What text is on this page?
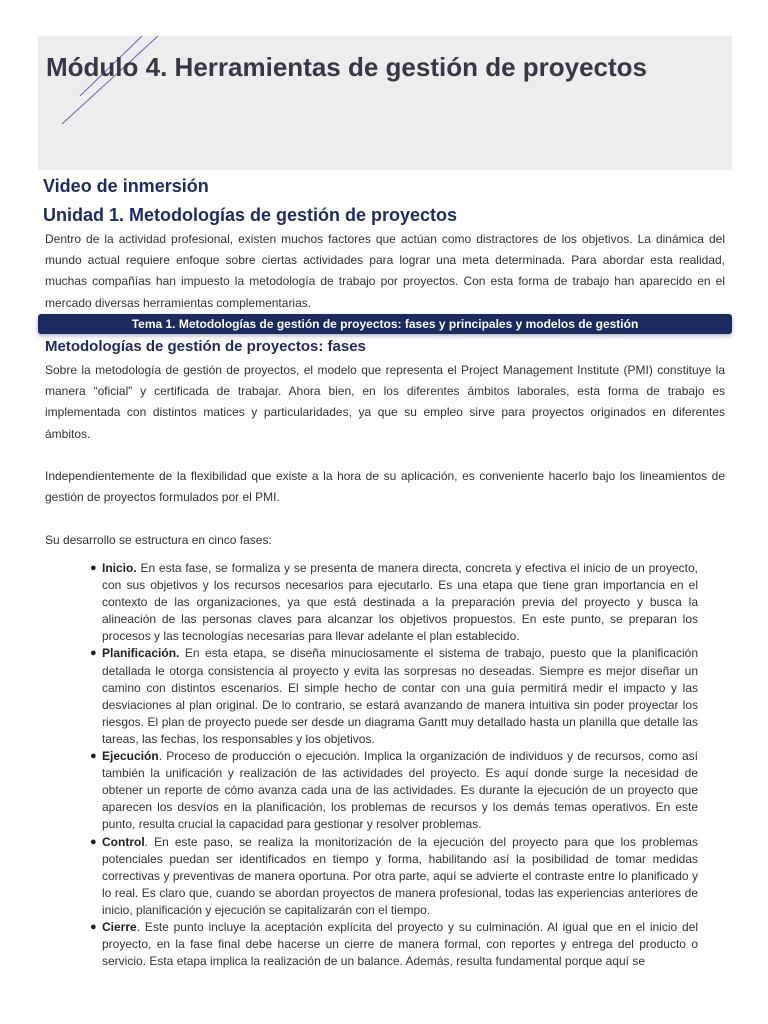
Módulo 4. Herramientas de gestión de proyectos
Video de inmersión
Unidad 1. Metodologías de gestión de proyectos

Dentro de la actividad profesional, existen muchos factores que actúan como distractores de los objetivos. La dinámica del mundo actual requiere enfoque sobre ciertas actividades para lograr una meta determinada. Para abordar esta realidad, muchas compañías han impuesto la metodología de trabajo por proyectos. Con esta forma de trabajo han aparecido en el mercado diversas herramientas complementarias.

Tema 1. Metodologías de gestión de proyectos: fases y principales y modelos de gestión
Metodologías de gestión de proyectos: fases

Sobre la metodología de gestión de proyectos, el modelo que representa el Project Management Institute (PMI) constituye la manera “oficial” y certificada de trabajar. Ahora bien, en los diferentes ámbitos laborales, esta forma de trabajo es implementada con distintos matices y particularidades, ya que su empleo sirve para proyectos originados en diferentes ámbitos.

Independientemente de la flexibilidad que existe a la hora de su aplicación, es conveniente hacerlo bajo los lineamientos de gestión de proyectos formulados por el PMI.

Su desarrollo se estructura en cinco fases:

● Inicio. En esta fase, se formaliza y se presenta de manera directa, concreta y efectiva el inicio de un proyecto, con sus objetivos y los recursos necesarios para ejecutarlo. Es una etapa que tiene gran importancia en el contexto de las organizaciones, ya que está destinada a la preparación previa del proyecto y busca la alineación de las personas claves para alcanzar los objetivos propuestos. En este punto, se preparan los procesos y las tecnologías necesarias para llevar adelante el plan establecido.
● Planificación. En esta etapa, se diseña minuciosamente el sistema de trabajo, puesto que la planificación detallada le otorga consistencia al proyecto y evita las sorpresas no deseadas. Siempre es mejor diseñar un camino con distintos escenarios. El simple hecho de contar con una guía permitirá medir el impacto y las desviaciones al plan original. De lo contrario, se estará avanzando de manera intuitiva sin poder proyectar los riesgos. El plan de proyecto puede ser desde un diagrama Gantt muy detallado hasta un planilla que detalle las tareas, las fechas, los responsables y los objetivos.
● Ejecución. Proceso de producción o ejecución. Implica la organización de individuos y de recursos, como así también la unificación y realización de las actividades del proyecto. Es aquí donde surge la necesidad de obtener un reporte de cómo avanza cada una de las actividades. Es durante la ejecución de un proyecto que aparecen los desvíos en la planificación, los problemas de recursos y los demás temas operativos. En este punto, resulta crucial la capacidad para gestionar y resolver problemas.
● Control. En este paso, se realiza la monitorización de la ejecución del proyecto para que los problemas potenciales puedan ser identificados en tiempo y forma, habilitando así la posibilidad de tomar medidas correctivas y preventivas de manera oportuna. Por otra parte, aquí se advierte el contraste entre lo planificado y lo real. Es claro que, cuando se abordan proyectos de manera profesional, todas las experiencias anteriores de inicio, planificación y ejecución se capitalizarán con el tiempo.
● Cierre. Este punto incluye la aceptación explícita del proyecto y su culminación. Al igual que en el inicio del proyecto, en la fase final debe hacerse un cierre de manera formal, con reportes y entrega del producto o servicio. Esta etapa implica la realización de un balance. Además, resulta fundamental porque aquí se
